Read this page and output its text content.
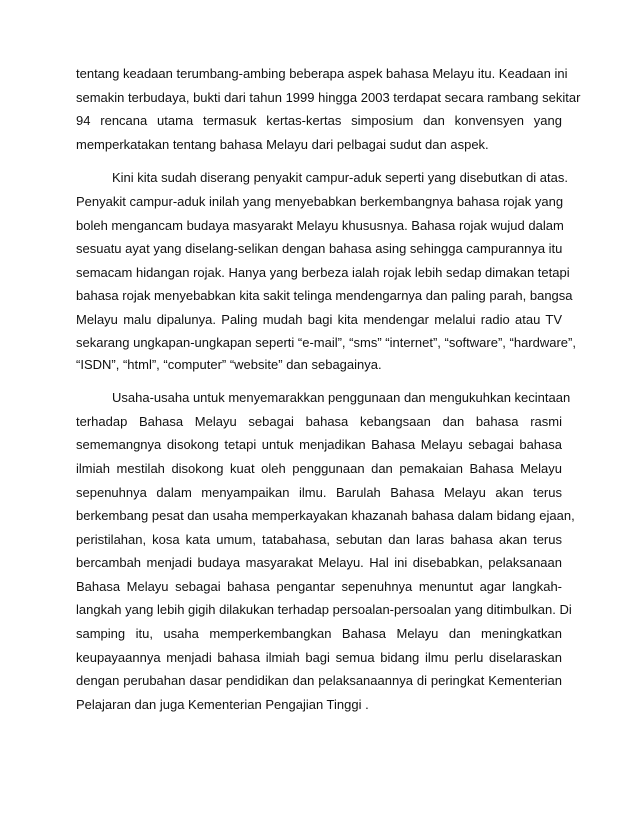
tentang keadaan terumbang-ambing beberapa aspek bahasa Melayu itu. Keadaan ini
semakin terbudaya, bukti dari tahun 1999 hingga 2003 terdapat secara rambang sekitar
94 rencana utama termasuk kertas-kertas simposium dan konvensyen yang
memperkatakan tentang bahasa Melayu dari pelbagai sudut dan aspek.
Kini kita sudah diserang penyakit campur-aduk seperti yang disebutkan di atas.
Penyakit campur-aduk inilah yang menyebabkan berkembangnya bahasa rojak yang
boleh mengancam budaya masyarakt Melayu khususnya. Bahasa rojak wujud dalam
sesuatu ayat yang diselang-selikan dengan bahasa asing sehingga campurannya itu
semacam hidangan rojak. Hanya yang berbeza ialah rojak lebih sedap dimakan tetapi
bahasa rojak menyebabkan kita sakit telinga mendengarnya dan paling parah, bangsa
Melayu malu dipalunya. Paling mudah bagi kita mendengar melalui radio atau TV
sekarang ungkapan-ungkapan seperti “e-mail”, “sms” “internet”, “software”, “hardware”,
“ISDN”, “html”, “computer” “website” dan sebagainya.
Usaha-usaha untuk menyemarakkan penggunaan dan mengukuhkan kecintaan
terhadap Bahasa Melayu sebagai bahasa kebangsaan dan bahasa rasmi
sememangnya disokong tetapi untuk menjadikan Bahasa Melayu sebagai bahasa
ilmiah mestilah disokong kuat oleh penggunaan dan pemakaian Bahasa Melayu
sepenuhnya dalam menyampaikan ilmu. Barulah Bahasa Melayu akan terus
berkembang pesat dan usaha memperkayakan khazanah bahasa dalam bidang ejaan,
peristilahan, kosa kata umum, tatabahasa, sebutan dan laras bahasa akan terus
bercambah menjadi budaya masyarakat Melayu. Hal ini disebabkan, pelaksanaan
Bahasa Melayu sebagai bahasa pengantar sepenuhnya menuntut agar langkah-
langkah yang lebih gigih dilakukan terhadap persoalan-persoalan yang ditimbulkan. Di
samping itu, usaha memperkembangkan Bahasa Melayu dan meningkatkan
keupayaannya menjadi bahasa ilmiah bagi semua bidang ilmu perlu diselaraskan
dengan perubahan dasar pendidikan dan pelaksanaannya di peringkat Kementerian
Pelajaran dan juga Kementerian Pengajian Tinggi .
